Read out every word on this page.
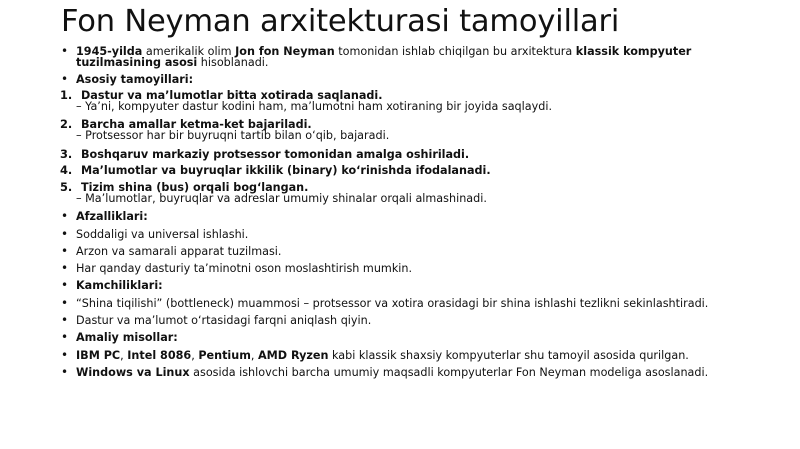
Fon Neyman arxitekturasi tamoyillari
• 1945-yilda amerikalik olim Jon fon Neyman tomonidan ishlab chiqilgan bu arxitektura klassik kompyuter
tuzilmasining asosi hisoblanadi.
• Asosiy tamoyillari:
1. Dastur va ma’lumotlar bitta xotirada saqlanadi.
– Ya’ni, kompyuter dastur kodini ham, ma’lumotni ham xotiraning bir joyida saqlaydi.
2. Barcha amallar ketma-ket bajariladi.
– Protsessor har bir buyruqni tartib bilan o‘qib, bajaradi.
3. Boshqaruv markaziy protsessor tomonidan amalga oshiriladi.
4. Ma’lumotlar va buyruqlar ikkilik (binary) ko‘rinishda ifodalanadi.
5. Tizim shina (bus) orqali bog‘langan.
– Ma’lumotlar, buyruqlar va adreslar umumiy shinalar orqali almashinadi.
• Afzalliklari:
• Soddaligi va universal ishlashi.
• Arzon va samarali apparat tuzilmasi.
• Har qanday dasturiy ta’minotni oson moslashtirish mumkin.
• Kamchiliklari:
• “Shina tiqilishi” (bottleneck) muammosi – protsessor va xotira orasidagi bir shina ishlashi tezlikni sekinlashtiradi.
• Dastur va ma’lumot o‘rtasidagi farqni aniqlash qiyin.
• Amaliy misollar:
• IBM PC, Intel 8086, Pentium, AMD Ryzen kabi klassik shaxsiy kompyuterlar shu tamoyil asosida qurilgan.
• Windows va Linux asosida ishlovchi barcha umumiy maqsadli kompyuterlar Fon Neyman modeliga asoslanadi.
